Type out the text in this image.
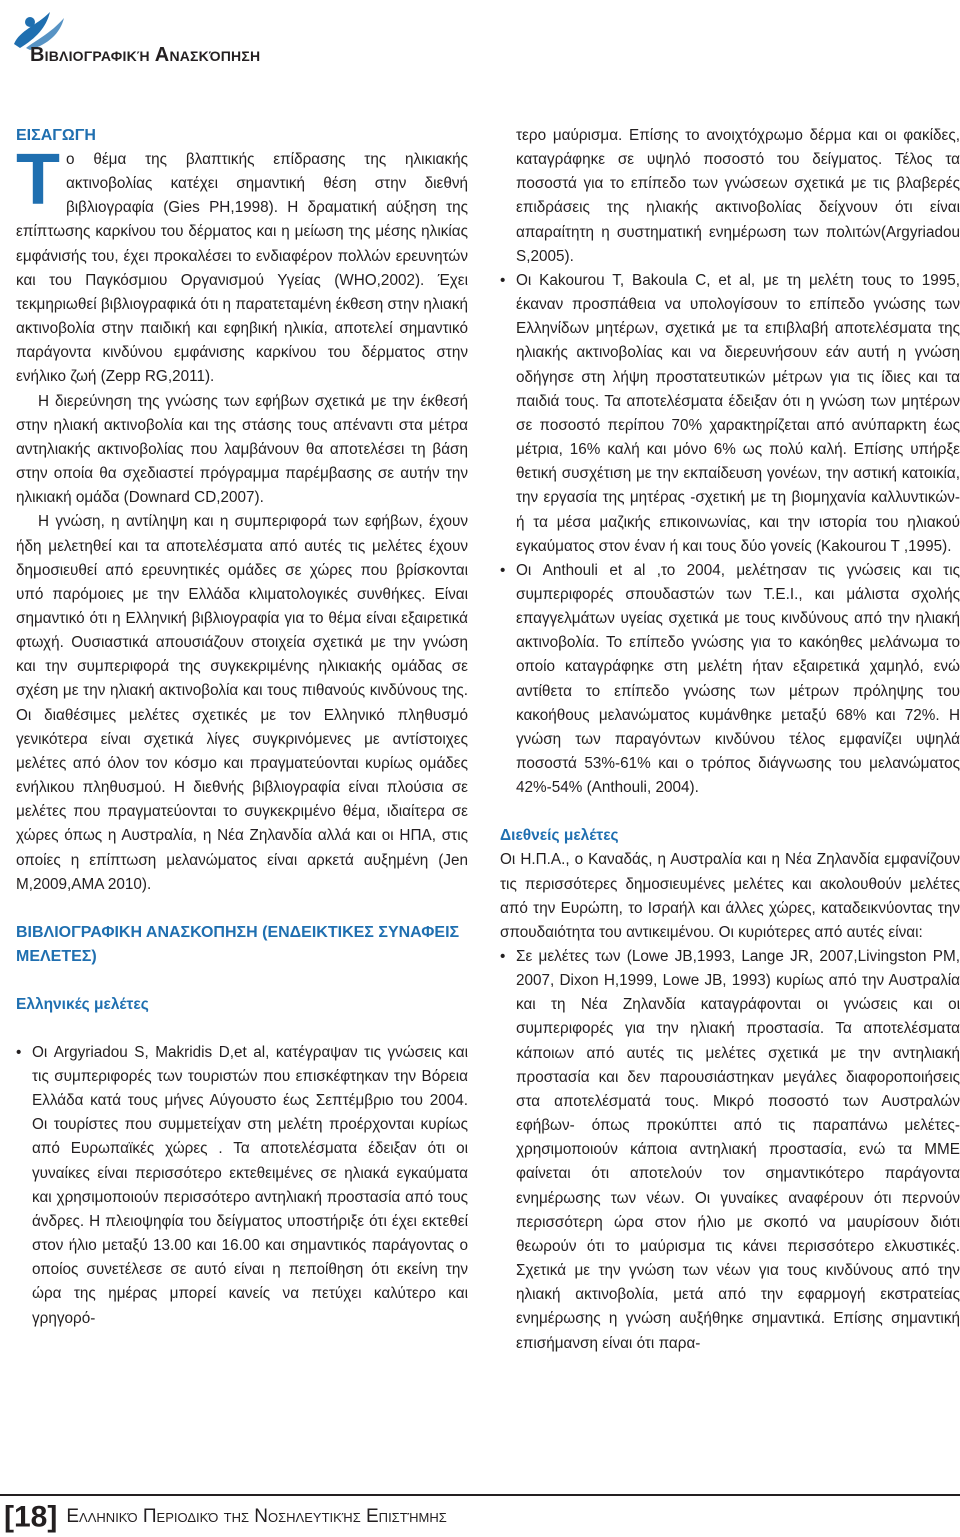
Βιβλιογραφική Ανασκόπηση
ΕΙΣΑΓΩΓΗ

Το θέμα της βλαπτικής επίδρασης της ηλικιακής ακτινοβολίας κατέχει σημαντική θέση στην διεθνή βιβλιογραφία (Gies PH,1998). Η δραματική αύξηση της επίπτωσης καρκίνου του δέρματος και η μείωση της μέσης ηλικίας εμφάνισής του, έχει προκαλέσει το ενδιαφέρον πολλών ερευνητών και του Παγκόσμιου Οργανισμού Υγείας (WHO,2002). Έχει τεκμηριωθεί βιβλιογραφικά ότι η παρατεταμένη έκθεση στην ηλιακή ακτινοβολία στην παιδική και εφηβική ηλικία, αποτελεί σημαντικό παράγοντα κινδύνου εμφάνισης καρκίνου του δέρματος στην ενήλικο ζωή (Zepp RG,2011).

Η διερεύνηση της γνώσης των εφήβων σχετικά με την έκθεσή στην ηλιακή ακτινοβολία και της στάσης τους απέναντι στα μέτρα αντηλιακής ακτινοβολίας που λαμβάνουν θα αποτελέσει τη βάση στην οποία θα σχεδιαστεί πρόγραμμα παρέμβασης σε αυτήν την ηλικιακή ομάδα (Downard CD,2007).

Η γνώση, η αντίληψη και η συμπεριφορά των εφήβων, έχουν ήδη μελετηθεί και τα αποτελέσματα από αυτές τις μελέτες έχουν δημοσιευθεί από ερευνητικές ομάδες σε χώρες που βρίσκονται υπό παρόμοιες με την Ελλάδα κλιματολογικές συνθήκες. Είναι σημαντικό ότι η Ελληνική βιβλιογραφία για το θέμα είναι εξαιρετικά φτωχή. Ουσιαστικά απουσιάζουν στοιχεία σχετικά με την γνώση και την συμπεριφορά της συγκεκριμένης ηλικιακής ομάδας σε σχέση με την ηλιακή ακτινοβολία και τους πιθανούς κινδύνους της. Οι διαθέσιμες μελέτες σχετικές με τον Ελληνικό πληθυσμό γενικότερα είναι σχετικά λίγες συγκρινόμενες με αντίστοιχες μελέτες από όλον τον κόσμο και πραγματεύονται κυρίως ομάδες ενήλικου πληθυσμού. Η διεθνής βιβλιογραφία είναι πλούσια σε μελέτες που πραγματεύονται το συγκεκριμένο θέμα, ιδιαίτερα σε χώρες όπως η Αυστραλία, η Νέα Ζηλανδία αλλά και οι ΗΠΑ, στις οποίες η επίπτωση μελανώματος είναι αρκετά αυξημένη (Jen M,2009,AMA 2010).

ΒΙΒΛΙΟΓΡΑΦΙΚΗ ΑΝΑΣΚΟΠΗΣΗ (ΕΝΔΕΙΚΤΙΚΕΣ ΣΥΝΑΦΕΙΣ ΜΕΛΕΤΕΣ)
Ελληνικές μελέτες
• Οι Argyriadou S, Makridis D,et al, κατέγραψαν τις γνώσεις και τις συμπεριφορές των τουριστών που επισκέφτηκαν την Βόρεια Ελλάδα κατά τους μήνες Αύγουστο έως Σεπτέμβριο του 2004. Οι τουρίστες που συμμετείχαν στη μελέτη προέρχονται κυρίως από Ευρωπαϊκές χώρες . Τα αποτελέσματα έδειξαν ότι οι γυναίκες είναι περισσότερο εκτεθειμένες σε ηλιακά εγκαύματα και χρησιμοποιούν περισσότερο αντηλιακή προστασία από τους άνδρες. Η πλειοψηφία του δείγματος υποστήριξε ότι έχει εκτεθεί στον ήλιο μεταξύ 13.00 και 16.00 και σημαντικός παράγοντας ο οποίος συνετέλεσε σε αυτό είναι η πεποίθηση ότι εκείνη την ώρα της ημέρας μπορεί κανείς να πετύχει καλύτερο και γρηγορό-

τερο μαύρισμα. Επίσης το ανοιχτόχρωμο δέρμα και οι φακίδες, καταγράφηκε σε υψηλό ποσοστό του δείγματος. Τέλος τα ποσοστά για το επίπεδο των γνώσεων σχετικά με τις βλαβερές επιδράσεις της ηλιακής ακτινοβολίας δείχνουν ότι είναι απαραίτητη η συστηματική ενημέρωση των πολιτών(Argyriadou S,2005).

• Οι Kakourou T, Bakoula C, et al, με τη μελέτη τους το 1995, έκαναν προσπάθεια να υπολογίσουν το επίπεδο γνώσης των Ελληνίδων μητέρων, σχετικά με τα επιβλαβή αποτελέσματα της ηλιακής ακτινοβολίας και να διερευνήσουν εάν αυτή η γνώση οδήγησε στη λήψη προστατευτικών μέτρων για τις ίδιες και τα παιδιά τους. Τα αποτελέσματα έδειξαν ότι η γνώση των μητέρων σε ποσοστό περίπου 70% χαρακτηρίζεται από ανύπαρκτη έως μέτρια, 16% καλή και μόνο 6% ως πολύ καλή. Επίσης υπήρξε θετική συσχέτιση με την εκπαίδευση γονέων, την αστική κατοικία, την εργασία της μητέρας -σχετική με τη βιομηχανία καλλυντικών- ή τα μέσα μαζικής επικοινωνίας, και την ιστορία του ηλιακού εγκαύματος στον έναν ή και τους δύο γονείς (Kakourou T ,1995).
• Οι Anthouli et al ,το 2004, μελέτησαν τις γνώσεις και τις συμπεριφορές σπουδαστών των Τ.Ε.Ι., και μάλιστα σχολής επαγγελμάτων υγείας σχετικά με τους κινδύνους από την ηλιακή ακτινοβολία. Το επίπεδο γνώσης για το κακόηθες μελάνωμα το οποίο καταγράφηκε στη μελέτη ήταν εξαιρετικά χαμηλό, ενώ αντίθετα το επίπεδο γνώσης των μέτρων πρόληψης του κακοήθους μελανώματος κυμάνθηκε μεταξύ 68% και 72%. Η γνώση των παραγόντων κινδύνου τέλος εμφανίζει υψηλά ποσοστά 53%-61% και ο τρόπος διάγνωσης του μελανώματος 42%-54% (Anthouli, 2004).
Διεθνείς μελέτες

Οι Η.Π.Α., ο Καναδάς, η Αυστραλία και η Νέα Ζηλανδία εμφανίζουν τις περισσότερες δημοσιευμένες μελέτες και ακολουθούν μελέτες από την Ευρώπη, το Ισραήλ και άλλες χώρες, καταδεικνύοντας την σπουδαιότητα του αντικειμένου. Οι κυριότερες από αυτές είναι:

• Σε μελέτες των (Lowe JB,1993, Lange JR, 2007,Livingston PM, 2007, Dixon H,1999, Lowe JB, 1993) κυρίως από την Αυστραλία και τη Νέα Ζηλανδία καταγράφονται οι γνώσεις και οι συμπεριφορές για την ηλιακή προστασία. Τα αποτελέσματα κάποιων από αυτές τις μελέτες σχετικά με την αντηλιακή προστασία και δεν παρουσιάστηκαν μεγάλες διαφοροποιήσεις στα αποτελέσματά τους. Μικρό ποσοστό των Αυστραλών εφήβων- όπως προκύπτει από τις παραπάνω μελέτες-χρησιμοποιούν κάποια αντηλιακή προστασία, ενώ τα ΜΜΕ φαίνεται ότι αποτελούν τον σημαντικότερο παράγοντα ενημέρωσης των νέων. Οι γυναίκες αναφέρουν ότι περνούν περισσότερη ώρα στον ήλιο με σκοπό να μαυρίσουν διότι θεωρούν ότι το μαύρισμα τις κάνει περισσότερο ελκυστικές. Σχετικά με την γνώση των νέων για τους κινδύνους από την ηλιακή ακτινοβολία, μετά από την εφαρμογή εκστρατείας ενημέρωσης η γνώση αυξήθηκε σημαντικά. Επίσης σημαντική επισήμανση είναι ότι παρα-
[18] Ελληνικό Περιοδικό της Νοσηλευτικής Επιστήμης
